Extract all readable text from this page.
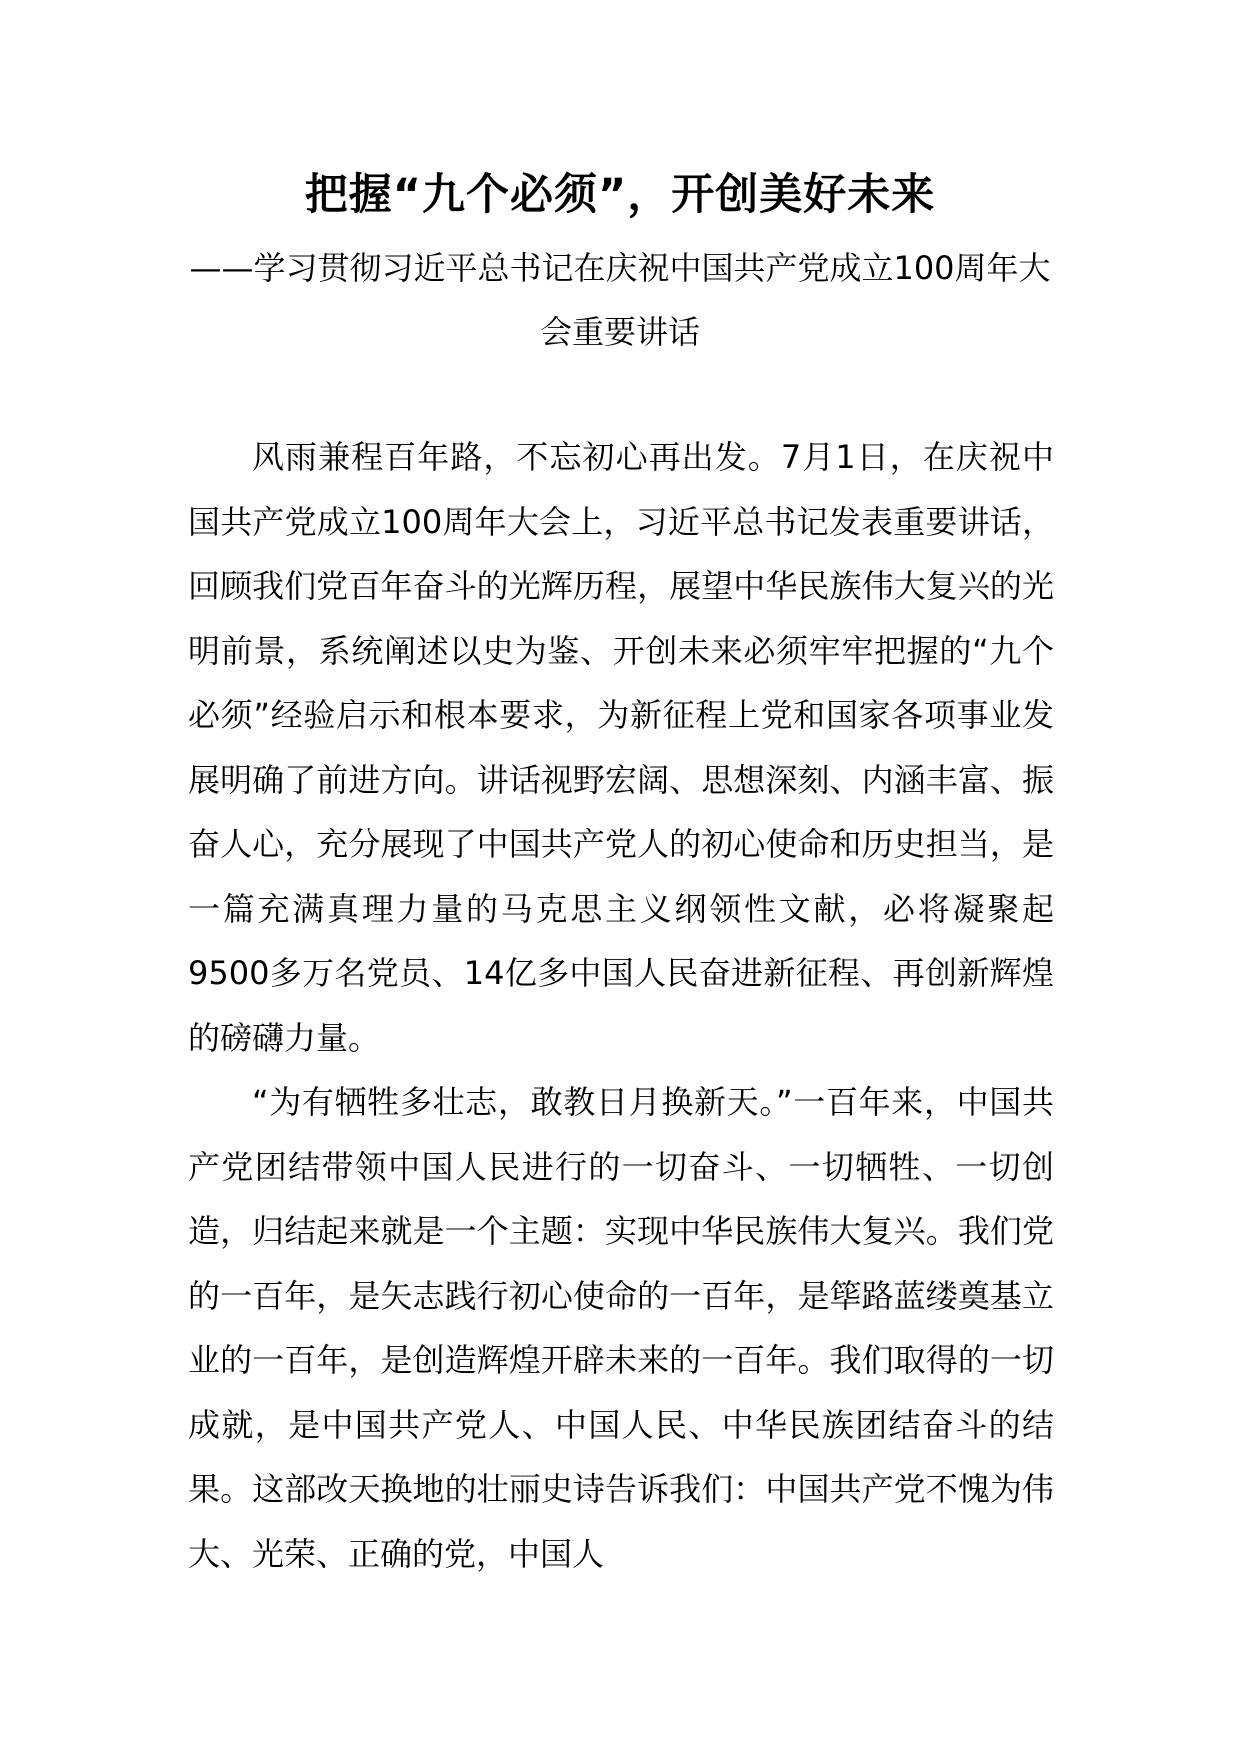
把握“九个必须”，开创美好未来
——学习贯彻习近平总书记在庆祝中国共产党成立100周年大会重要讲话

风雨兼程百年路，不忘初心再出发。7月1日，在庆祝中国共产党成立100周年大会上，习近平总书记发表重要讲话，回顾我们党百年奋斗的光辉历程，展望中华民族伟大复兴的光明前景，系统阐述以史为鉴、开创未来必须牢牢把握的“九个必须”经验启示和根本要求，为新征程上党和国家各项事业发展明确了前进方向。讲话视野宏阔、思想深刻、内涵丰富、振奋人心，充分展现了中国共产党人的初心使命和历史担当，是一篇充满真理力量的马克思主义纲领性文献，必将凝聚起9500多万名党员、14亿多中国人民奋进新征程、再创新辉煌的磅礴力量。

“为有牺牲多壮志，敢教日月换新天。”一百年来，中国共产党团结带领中国人民进行的一切奋斗、一切牺牲、一切创造，归结起来就是一个主题：实现中华民族伟大复兴。我们党的一百年，是矢志践行初心使命的一百年，是筚路蓝缕奠基立业的一百年，是创造辉煌开辟未来的一百年。我们取得的一切成就，是中国共产党人、中国人民、中华民族团结奋斗的结果。这部改天换地的壮丽史诗告诉我们：中国共产党不愧为伟大、光荣、正确的党，中国人
